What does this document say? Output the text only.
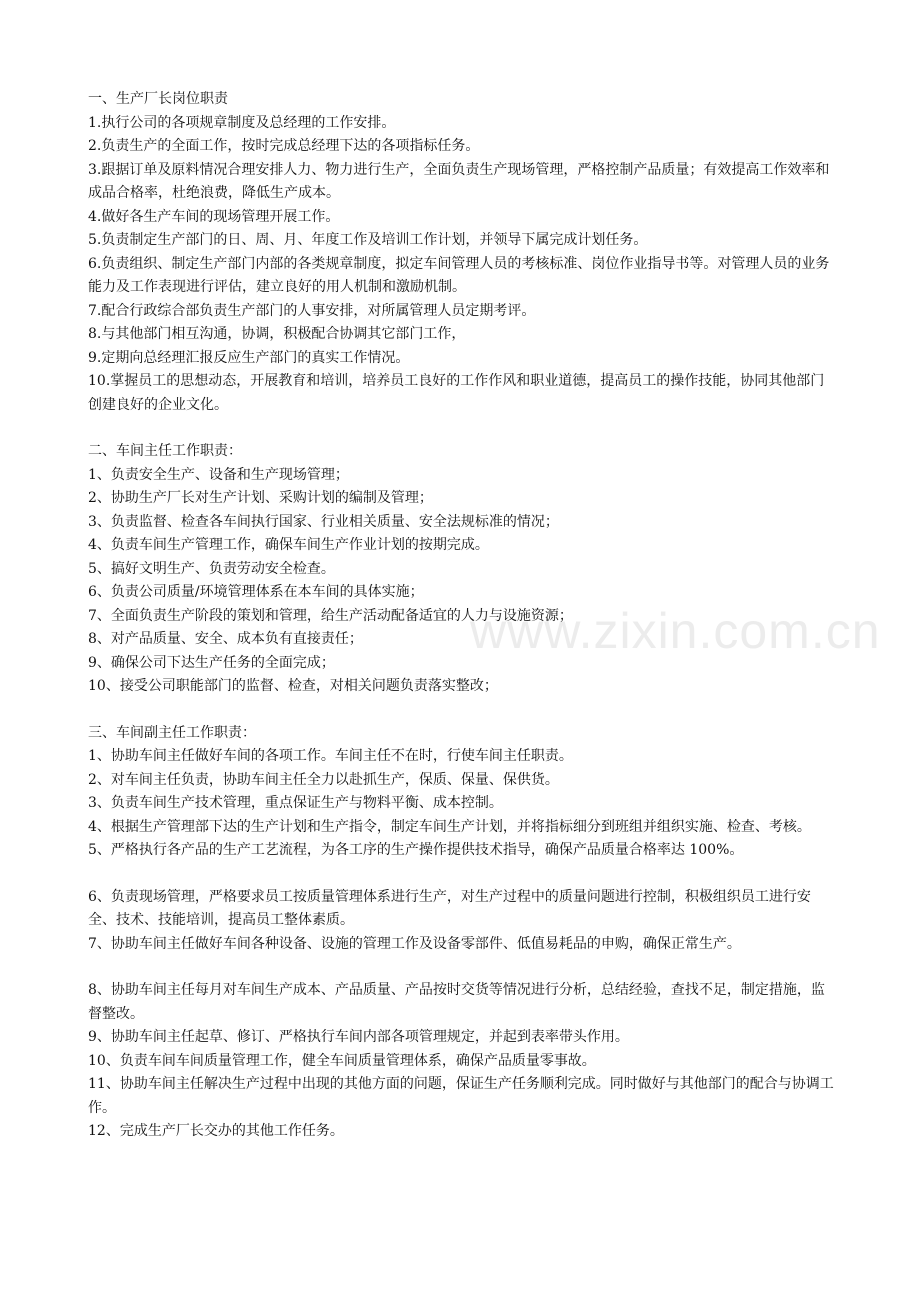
一、生产厂长岗位职责

1.执行公司的各项规章制度及总经理的工作安排。

2.负责生产的全面工作，按时完成总经理下达的各项指标任务。

3.跟据订单及原料情况合理安排人力、物力进行生产，全面负责生产现场管理，严格控制产品质量；有效提高工作效率和成品合格率，杜绝浪费，降低生产成本。

4.做好各生产车间的现场管理开展工作。

5.负责制定生产部门的日、周、月、年度工作及培训工作计划，并领导下属完成计划任务。

6.负责组织、制定生产部门内部的各类规章制度，拟定车间管理人员的考核标准、岗位作业指导书等。对管理人员的业务能力及工作表现进行评估，建立良好的用人机制和激励机制。

7.配合行政综合部负责生产部门的人事安排，对所属管理人员定期考评。

8.与其他部门相互沟通，协调，积极配合协调其它部门工作，

9.定期向总经理汇报反应生产部门的真实工作情况。

10.掌握员工的思想动态，开展教育和培训，培养员工良好的工作作风和职业道德，提高员工的操作技能，协同其他部门创建良好的企业文化。

二、车间主任工作职责：

1、负责安全生产、设备和生产现场管理；

2、协助生产厂长对生产计划、采购计划的编制及管理；

3、负责监督、检查各车间执行国家、行业相关质量、安全法规标准的情况；

4、负责车间生产管理工作，确保车间生产作业计划的按期完成。

5、搞好文明生产、负责劳动安全检查。

6、负责公司质量/环境管理体系在本车间的具体实施；

7、全面负责生产阶段的策划和管理，给生产活动配备适宜的人力与设施资源；

8、对产品质量、安全、成本负有直接责任；

9、确保公司下达生产任务的全面完成；

10、接受公司职能部门的监督、检查，对相关问题负责落实整改；

三、车间副主任工作职责：

1、协助车间主任做好车间的各项工作。车间主任不在时，行使车间主任职责。

2、对车间主任负责，协助车间主任全力以赴抓生产，保质、保量、保供货。

3、负责车间生产技术管理，重点保证生产与物料平衡、成本控制。

4、根据生产管理部下达的生产计划和生产指令，制定车间生产计划，并将指标细分到班组并组织实施、检查、考核。

5、严格执行各产品的生产工艺流程，为各工序的生产操作提供技术指导，确保产品质量合格率达 100%。

6、负责现场管理，严格要求员工按质量管理体系进行生产，对生产过程中的质量问题进行控制，积极组织员工进行安全、技术、技能培训，提高员工整体素质。

7、协助车间主任做好车间各种设备、设施的管理工作及设备零部件、低值易耗品的申购，确保正常生产。

8、协助车间主任每月对车间生产成本、产品质量、产品按时交货等情况进行分析，总结经验，查找不足，制定措施，监督整改。

9、协助车间主任起草、修订、严格执行车间内部各项管理规定，并起到表率带头作用。

10、负责车间车间质量管理工作，健全车间质量管理体系，确保产品质量零事故。

11、协助车间主任解决生产过程中出现的其他方面的问题，保证生产任务顺利完成。同时做好与其他部门的配合与协调工作。

12、完成生产厂长交办的其他工作任务。

www.zixin.com.cn
